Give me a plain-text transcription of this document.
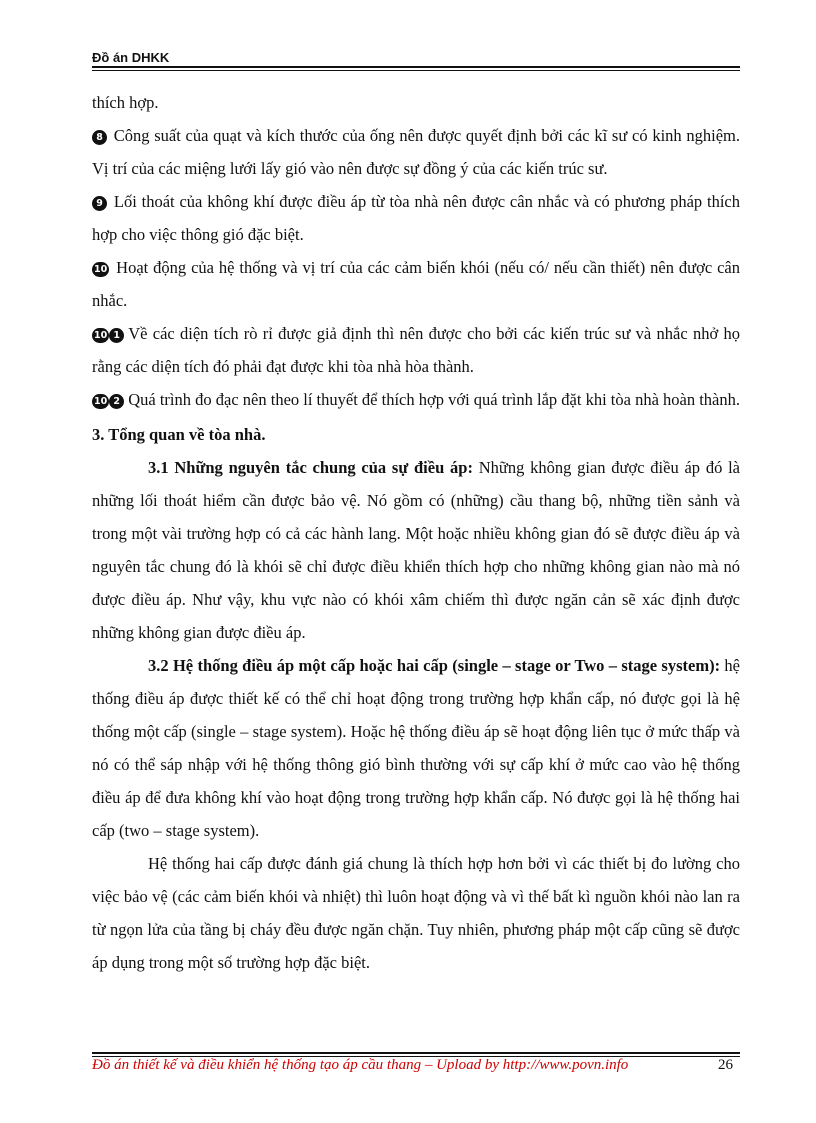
Đồ án DHKK

thích hợp.

8 Công suất của quạt và kích thước của ống nên được quyết định bởi các kĩ sư có kinh nghiệm. Vị trí của các miệng lưới lấy gió vào nên được sự đồng ý của các kiến trúc sư.

9 Lối thoát của không khí được điều áp từ tòa nhà nên được cân nhắc và có phương pháp thích hợp cho việc thông gió đặc biệt.

10 Hoạt động của hệ thống và vị trí của các cảm biến khói (nếu có/ nếu cần thiết) nên được cân nhắc.

10 1 Về các diện tích rò rỉ được giả định thì nên được cho bởi các kiến trúc sư và nhắc nhở họ rằng các diện tích đó phải đạt được khi tòa nhà hòa thành.

10 2 Quá trình đo đạc nên theo lí thuyết để thích hợp với quá trình lắp đặt khi tòa nhà hoàn thành.

3. Tổng quan về tòa nhà.

3.1 Những nguyên tắc chung của sự điều áp: Những không gian được điều áp đó là những lối thoát hiểm cần được bảo vệ. Nó gồm có (những) cầu thang bộ, những tiền sảnh và trong một vài trường hợp có cả các hành lang. Một hoặc nhiều không gian đó sẽ được điều áp và nguyên tắc chung đó là khói sẽ chỉ được điều khiển thích hợp cho những không gian nào mà nó được điều áp. Như vậy, khu vực nào có khói xâm chiếm thì được ngăn cản sẽ xác định được những không gian được điều áp.

3.2 Hệ thống điều áp một cấp hoặc hai cấp (single – stage or Two – stage system): hệ thống điều áp được thiết kế có thể chỉ hoạt động trong trường hợp khẩn cấp, nó được gọi là hệ thống một cấp (single – stage system). Hoặc hệ thống điều áp sẽ hoạt động liên tục ở mức thấp và nó có thể sáp nhập với hệ thống thông gió bình thường với sự cấp khí ở mức cao vào hệ thống điều áp để đưa không khí vào hoạt động trong trường hợp khẩn cấp. Nó được gọi là hệ thống hai cấp (two – stage system).

Hệ thống hai cấp được đánh giá chung là thích hợp hơn bởi vì các thiết bị đo lường cho việc bảo vệ (các cảm biến khói và nhiệt) thì luôn hoạt động và vì thế bất kì nguồn khói nào lan ra từ ngọn lửa của tầng bị cháy đều được ngăn chặn. Tuy nhiên, phương pháp một cấp cũng sẽ được áp dụng trong một số trường hợp đặc biệt.

Đồ án thiết kế và điều khiển hệ thống tạo áp cầu thang – Upload by http://www.povn.info	26
